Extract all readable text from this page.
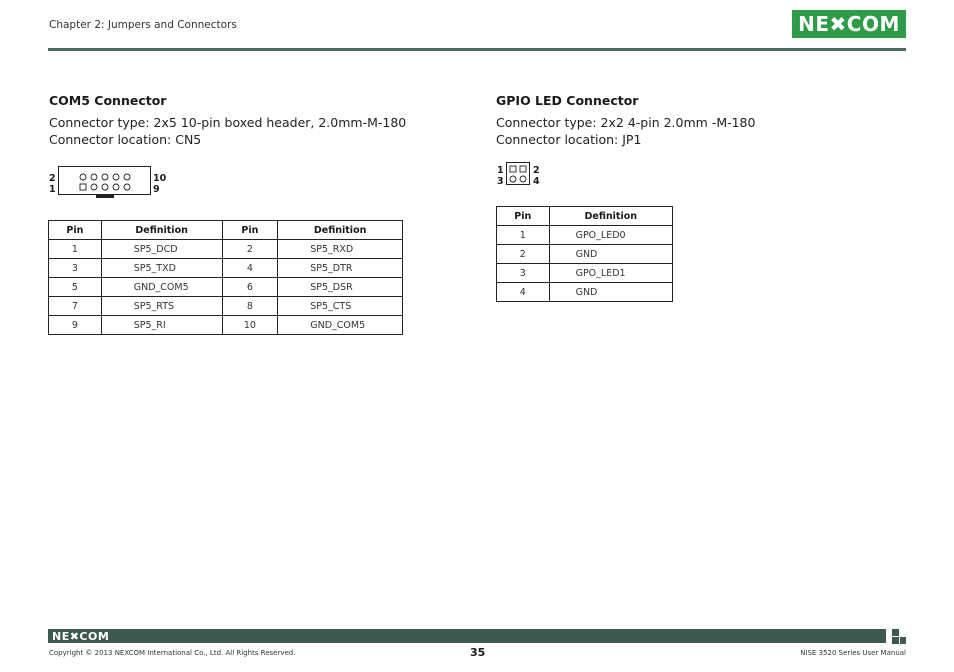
Chapter 2: Jumpers and Connectors	NE✖COM
COM5 Connector
Connector type: 2x5 10-pin boxed header, 2.0mm-M-180
Connector location: CN5
2
1
10
9
Pin	Definition	Pin	Definition
1	SP5_DCD	2	SP5_RXD
3	SP5_TXD	4	SP5_DTR
5	GND_COM5	6	SP5_DSR
7	SP5_RTS	8	SP5_CTS
9	SP5_RI	10	GND_COM5
GPIO LED Connector
Connector type: 2x2 4-pin 2.0mm -M-180
Connector location: JP1
1
3
2
4
Pin	Definition
1	GPO_LED0
2	GND
3	GPO_LED1
4	GND
NE✖COM
Copyright © 2013 NEXCOM International Co., Ltd. All Rights Reserved.	35	NISE 3520 Series User Manual
